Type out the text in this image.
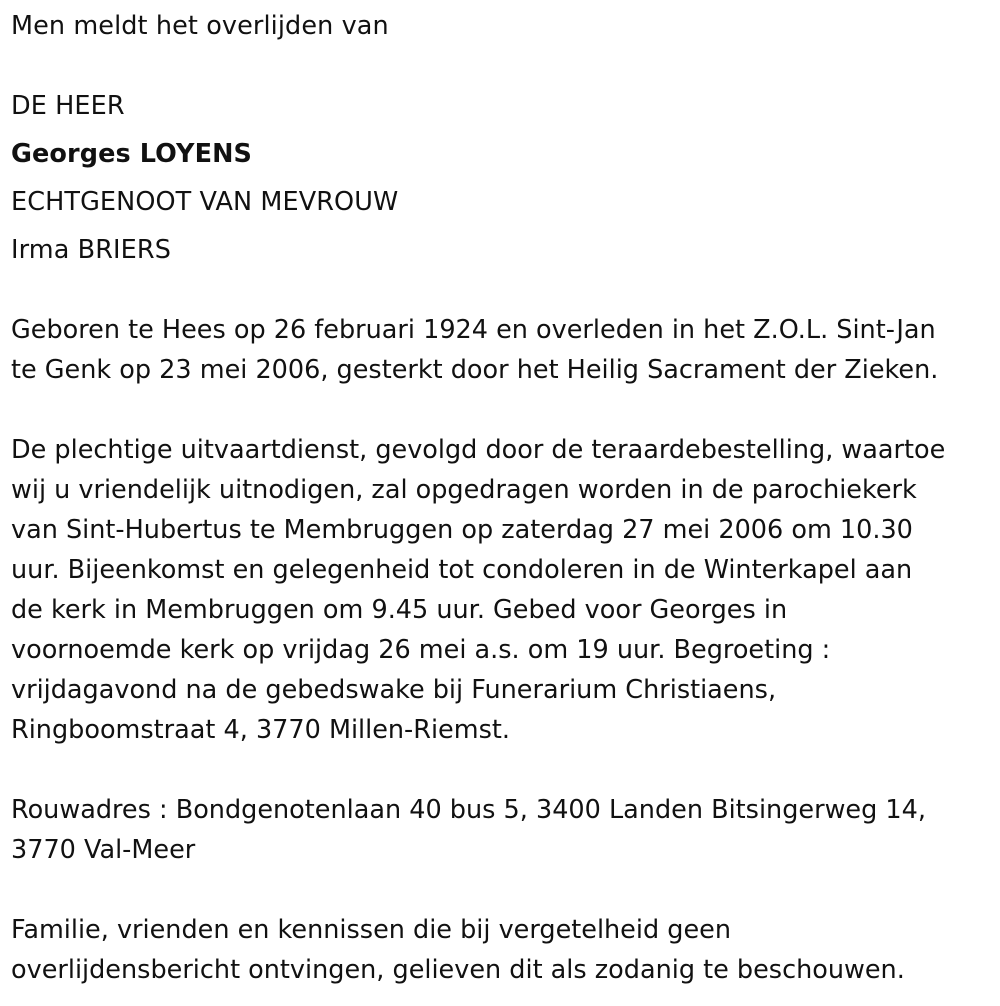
Men meldt het overlijden van
DE HEER
Georges LOYENS
ECHTGENOOT VAN MEVROUW
Irma BRIERS
Geboren te Hees op 26 februari 1924 en overleden in het Z.O.L. Sint-Jan
te Genk op 23 mei 2006, gesterkt door het Heilig Sacrament der Zieken.
De plechtige uitvaartdienst, gevolgd door de teraardebestelling, waartoe
wij u vriendelijk uitnodigen, zal opgedragen worden in de parochiekerk
van Sint-Hubertus te Membruggen op zaterdag 27 mei 2006 om 10.30
uur. Bijeenkomst en gelegenheid tot condoleren in de Winterkapel aan
de kerk in Membruggen om 9.45 uur. Gebed voor Georges in
voornoemde kerk op vrijdag 26 mei a.s. om 19 uur. Begroeting :
vrijdagavond na de gebedswake bij Funerarium Christiaens,
Ringboomstraat 4, 3770 Millen-Riemst.
Rouwadres : Bondgenotenlaan 40 bus 5, 3400 Landen Bitsingerweg 14,
3770 Val-Meer
Familie, vrienden en kennissen die bij vergetelheid geen
overlijdensbericht ontvingen, gelieven dit als zodanig te beschouwen.
